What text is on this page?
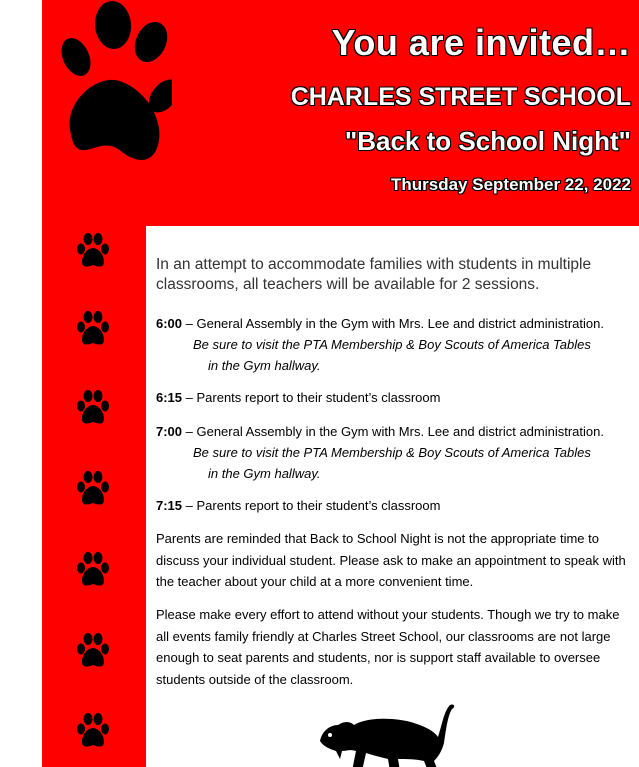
You are invited…
CHARLES STREET SCHOOL
"Back to School Night"
Thursday September 22, 2022
In an attempt to accommodate families with students in multiple classrooms, all teachers will be available for 2 sessions.
6:00 – General Assembly in the Gym with Mrs. Lee and district administration.
Be sure to visit the PTA Membership & Boy Scouts of America Tables
in the Gym hallway.
6:15 – Parents report to their student’s classroom
7:00 – General Assembly in the Gym with Mrs. Lee and district administration.
Be sure to visit the PTA Membership & Boy Scouts of America Tables
in the Gym hallway.
7:15 – Parents report to their student’s classroom
Parents are reminded that Back to School Night is not the appropriate time to discuss your individual student. Please ask to make an appointment to speak with the teacher about your child at a more convenient time.
Please make every effort to attend without your students. Though we try to make all events family friendly at Charles Street School, our classrooms are not large enough to seat parents and students, nor is support staff available to oversee students outside of the classroom.
